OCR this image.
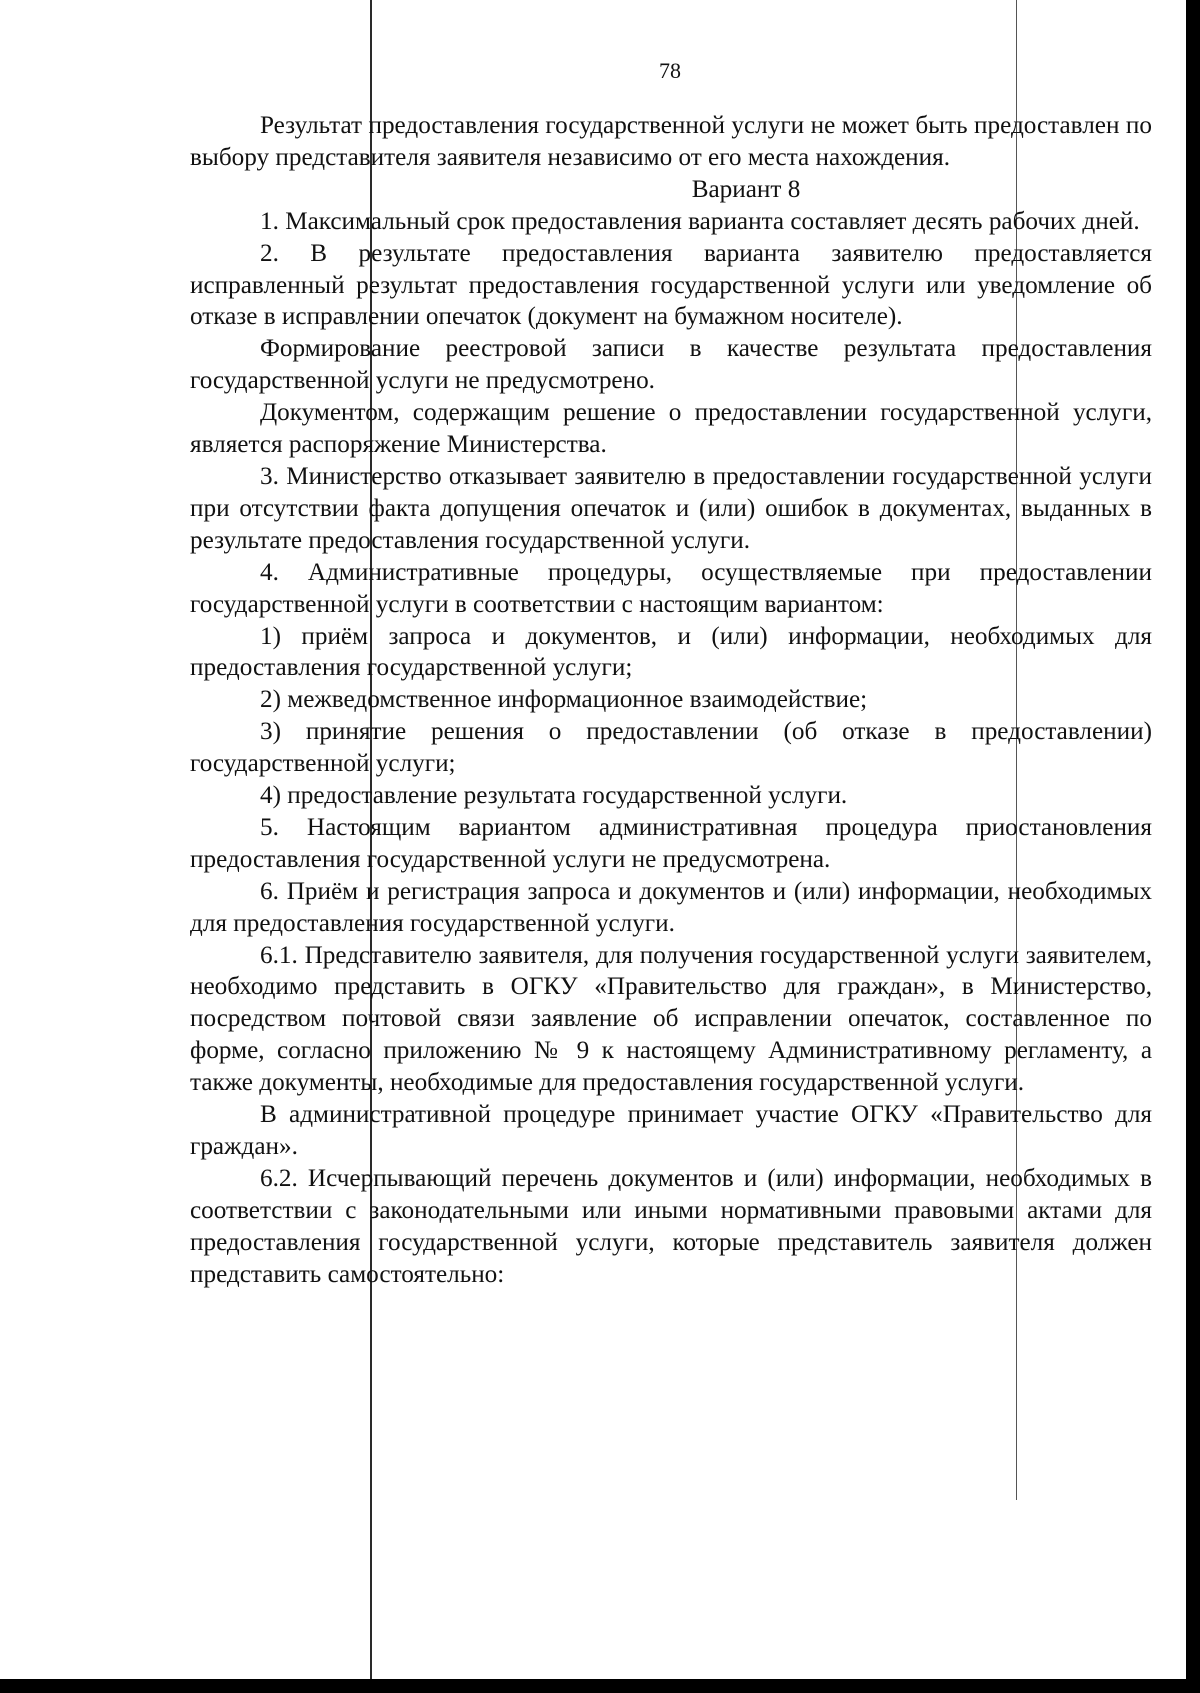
78

Результат предоставления государственной услуги не может быть предоставлен по выбору представителя заявителя независимо от его места нахождения.

Вариант 8

1. Максимальный срок предоставления варианта составляет десять рабочих дней.

2. В результате предоставления варианта заявителю предоставляется исправленный результат предоставления государственной услуги или уведомление об отказе в исправлении опечаток (документ на бумажном носителе).

Формирование реестровой записи в качестве результата предоставления государственной услуги не предусмотрено.

Документом, содержащим решение о предоставлении государственной услуги, является распоряжение Министерства.

3. Министерство отказывает заявителю в предоставлении государственной услуги при отсутствии факта допущения опечаток и (или) ошибок в документах, выданных в результате предоставления государственной услуги.

4. Административные процедуры, осуществляемые при предоставлении государственной услуги в соответствии с настоящим вариантом:

1) приём запроса и документов, и (или) информации, необходимых для предоставления государственной услуги;

2) межведомственное информационное взаимодействие;

3) принятие решения о предоставлении (об отказе в предоставлении) государственной услуги;

4) предоставление результата государственной услуги.

5. Настоящим вариантом административная процедура приостановления предоставления государственной услуги не предусмотрена.

6. Приём и регистрация запроса и документов и (или) информации, необходимых для предоставления государственной услуги.

6.1. Представителю заявителя, для получения государственной услуги заявителем, необходимо представить в ОГКУ «Правительство для граждан», в Министерство, посредством почтовой связи заявление об исправлении опечаток, составленное по форме, согласно приложению № 9 к настоящему Административному регламенту, а также документы, необходимые для предоставления государственной услуги.

В административной процедуре принимает участие ОГКУ «Правительство для граждан».

6.2. Исчерпывающий перечень документов и (или) информации, необходимых в соответствии с законодательными или иными нормативными правовыми актами для предоставления государственной услуги, которые представитель заявителя должен представить самостоятельно:
